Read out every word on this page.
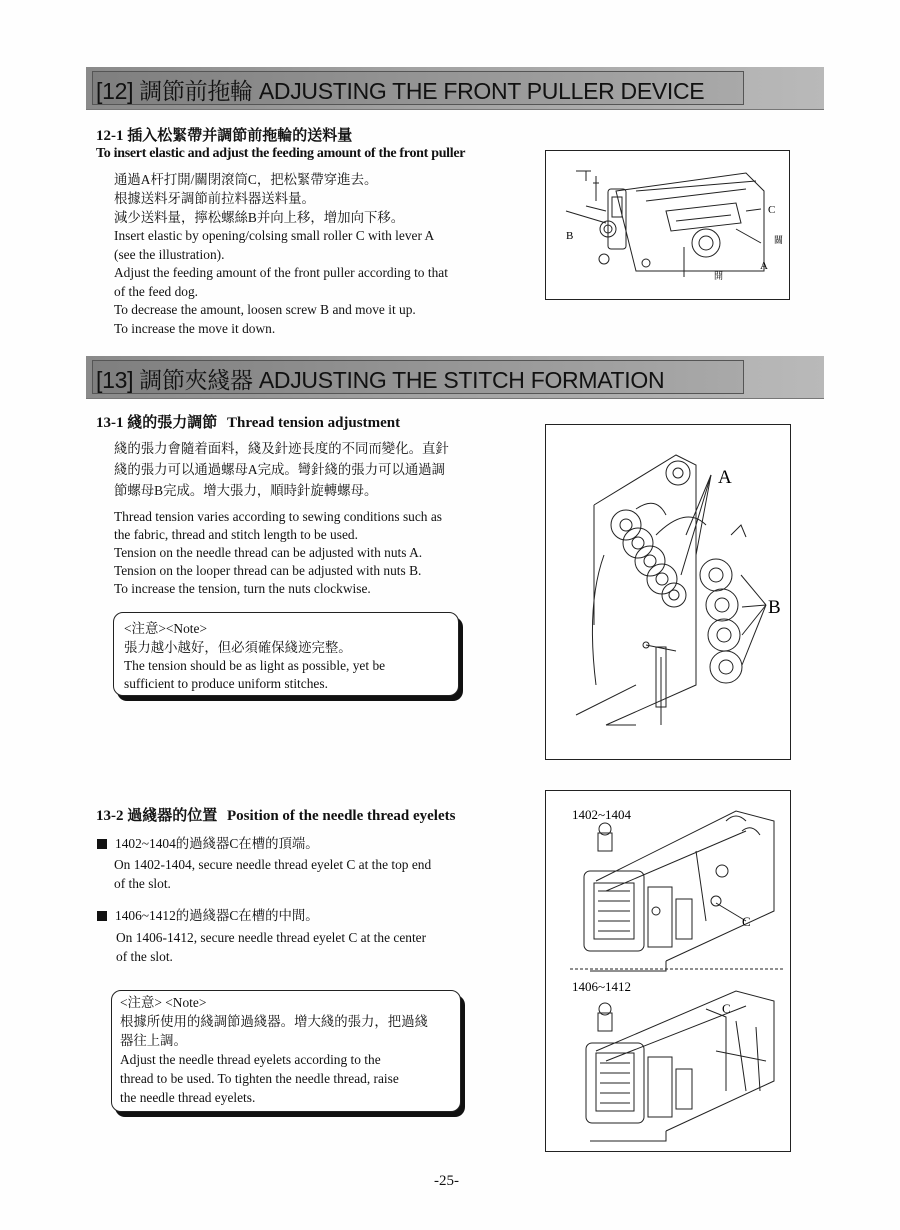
[12] 調節前拖輪 ADJUSTING THE FRONT PULLER DEVICE
12-1 插入松緊帶并調節前拖輪的送料量
To insert elastic and adjust the feeding amount of the front puller
通過A杆打開/關閉滾筒C，把松緊帶穿進去。
根據送料牙調節前拉料器送料量。
減少送料量，擰松螺絲B并向上移，增加向下移。
Insert elastic by opening/colsing small roller C with lever A
(see the illustration).
Adjust the feeding amount of the front puller according to that
of the feed dog.
To decrease the amount, loosen screw B and move it up.
To increase the move it down.
B
C
A
關
開
[13] 調節夾綫器 ADJUSTING THE STITCH FORMATION
13-1 綫的張力調節 Thread tension adjustment
綫的張力會隨着面料，綫及針迹長度的不同而變化。直針
綫的張力可以通過螺母A完成。彎針綫的張力可以通過調
節螺母B完成。增大張力，順時針旋轉螺母。
Thread tension varies according to sewing conditions such as
the fabric, thread and stitch length to be used.
Tension on the needle thread can be adjusted with nuts A.
Tension on the looper thread can be adjusted with nuts B.
To increase the tension, turn the nuts clockwise.
<注意><Note>
張力越小越好，但必須確保綫迹完整。
The tension should be as light as possible, yet be
sufficient to produce uniform stitches.
A
B
13-2 過綫器的位置 Position of the needle thread eyelets
1402~1404的過綫器C在槽的頂端。
On 1402-1404, secure needle thread eyelet C at the top end
of the slot.
1406~1412的過綫器C在槽的中間。
On 1406-1412, secure needle thread eyelet C at the center
of the slot.
<注意> <Note>
根據所使用的綫調節過綫器。增大綫的張力，把過綫
器往上調。
Adjust the needle thread eyelets according to the
thread to be used. To tighten the needle thread, raise
the needle thread eyelets.
1402~1404
C
1406~1412
C
-25-
